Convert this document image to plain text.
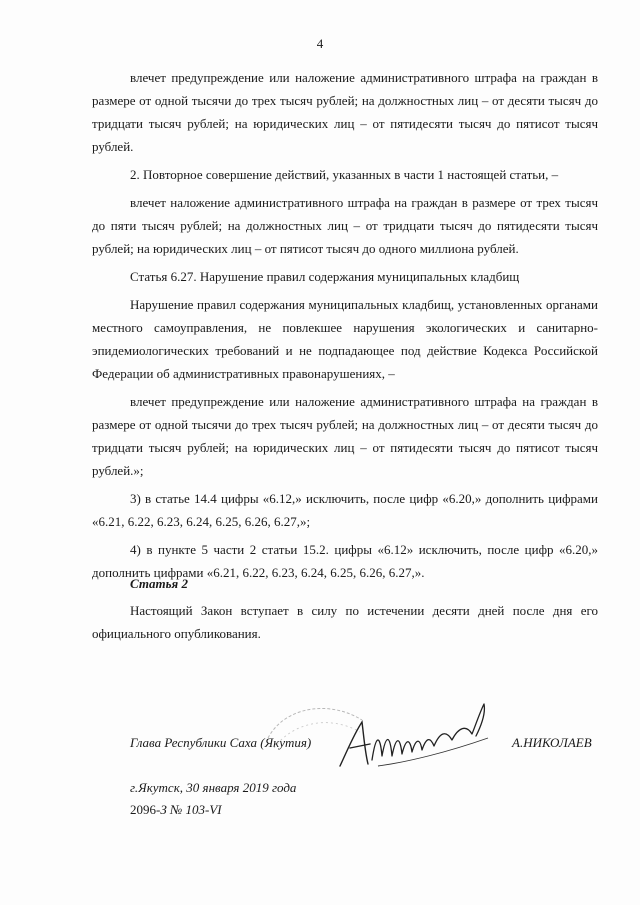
4

влечет предупреждение или наложение административного штрафа на граждан в размере от одной тысячи до трех тысяч рублей; на должностных лиц – от десяти тысяч до тридцати тысяч рублей; на юридических лиц – от пятидесяти тысяч до пятисот тысяч рублей.

2. Повторное совершение действий, указанных в части 1 настоящей статьи, –

влечет наложение административного штрафа на граждан в размере от трех тысяч до пяти тысяч рублей; на должностных лиц – от тридцати тысяч до пятидесяти тысяч рублей; на юридических лиц – от пятисот тысяч до одного миллиона рублей.

Статья 6.27. Нарушение правил содержания муниципальных кладбищ

Нарушение правил содержания муниципальных кладбищ, установленных органами местного самоуправления, не повлекшее нарушения экологических и санитарно-эпидемиологических требований и не подпадающее под действие Кодекса Российской Федерации об административных правонарушениях, –

влечет предупреждение или наложение административного штрафа на граждан в размере от одной тысячи до трех тысяч рублей; на должностных лиц – от десяти тысяч до тридцати тысяч рублей; на юридических лиц – от пятидесяти тысяч до пятисот тысяч рублей.»;

3) в статье 14.4 цифры «6.12,» исключить, после цифр «6.20,» дополнить цифрами «6.21, 6.22, 6.23, 6.24, 6.25, 6.26, 6.27,»;

4) в пункте 5 части 2 статьи 15.2. цифры «6.12» исключить, после цифр «6.20,» дополнить цифрами «6.21, 6.22, 6.23, 6.24, 6.25, 6.26, 6.27,».

Статья 2

Настоящий Закон вступает в силу по истечении десяти дней после дня его официального опубликования.

Глава Республики Саха (Якутия)	А.НИКОЛАЕВ
г.Якутск, 30 января 2019 года
2096-З № 103-VI
